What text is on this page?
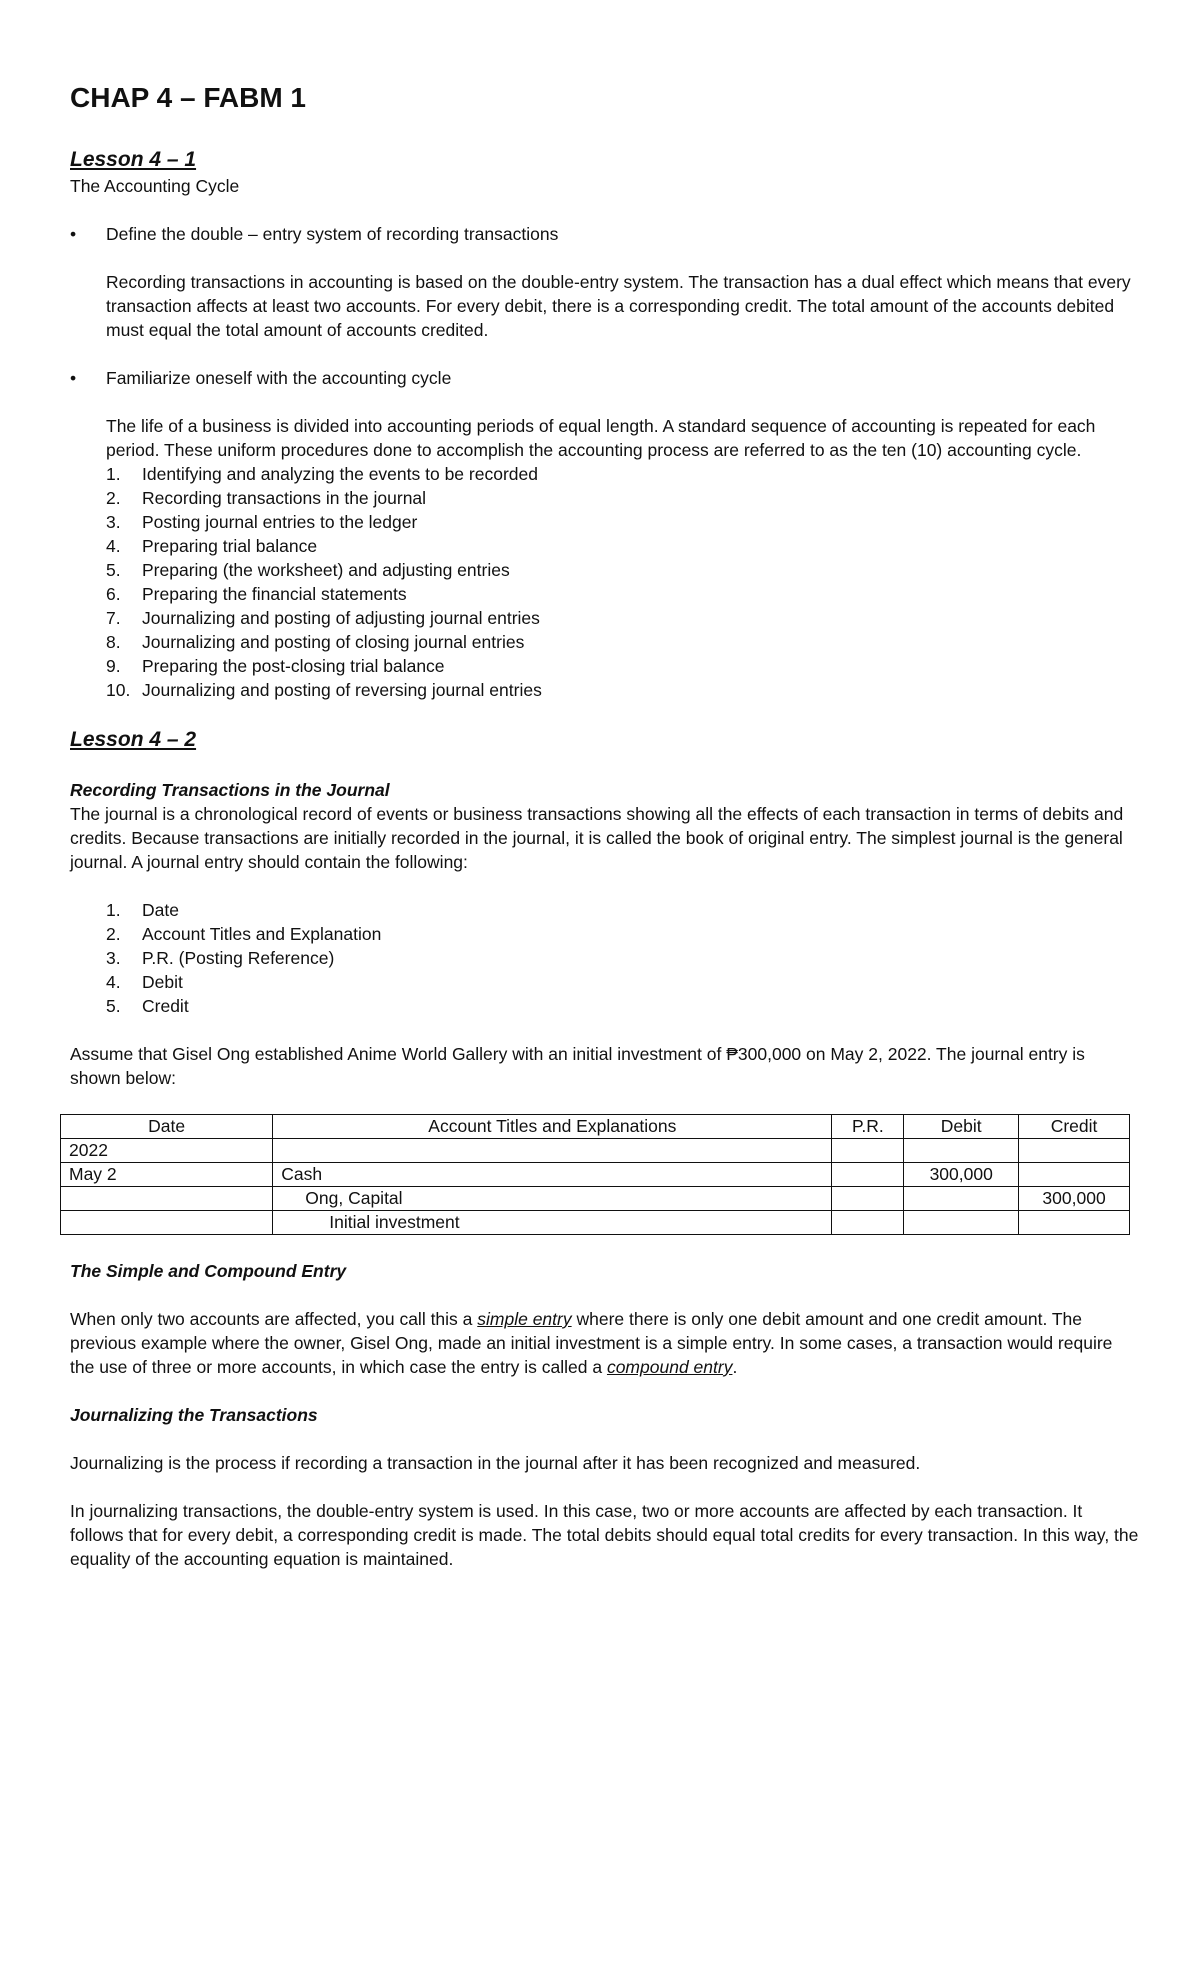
CHAP 4 – FABM 1

Lesson 4 – 1

The Accounting Cycle

•	Define the double – entry system of recording transactions

Recording transactions in accounting is based on the double-entry system. The transaction has a dual effect which means that every transaction affects at least two accounts. For every debit, there is a corresponding credit. The total amount of the accounts debited must equal the total amount of accounts credited.

•	Familiarize oneself with the accounting cycle

The life of a business is divided into accounting periods of equal length. A standard sequence of accounting is repeated for each period. These uniform procedures done to accomplish the accounting process are referred to as the ten (10) accounting cycle.

1.	Identifying and analyzing the events to be recorded
2.	Recording transactions in the journal
3.	Posting journal entries to the ledger
4.	Preparing trial balance
5.	Preparing (the worksheet) and adjusting entries
6.	Preparing the financial statements
7.	Journalizing and posting of adjusting journal entries
8.	Journalizing and posting of closing journal entries
9.	Preparing the post-closing trial balance
10. Journalizing and posting of reversing journal entries

Lesson 4 – 2

Recording Transactions in the Journal

The journal is a chronological record of events or business transactions showing all the effects of each transaction in terms of debits and credits. Because transactions are initially recorded in the journal, it is called the book of original entry. The simplest journal is the general journal. A journal entry should contain the following:

1.	Date
2.	Account Titles and Explanation
3.	P.R. (Posting Reference)
4.	Debit
5.	Credit

Assume that Gisel Ong established Anime World Gallery with an initial investment of ₱300,000 on May 2, 2022. The journal entry is shown below:

Date	Account Titles and Explanations	P.R.	Debit	Credit
2022				
May 2	Cash		300,000	
	Ong, Capital			300,000
	Initial investment			

The Simple and Compound Entry

When only two accounts are affected, you call this a simple entry where there is only one debit amount and one credit amount. The previous example where the owner, Gisel Ong, made an initial investment is a simple entry. In some cases, a transaction would require the use of three or more accounts, in which case the entry is called a compound entry.

Journalizing the Transactions

Journalizing is the process if recording a transaction in the journal after it has been recognized and measured.

In journalizing transactions, the double-entry system is used. In this case, two or more accounts are affected by each transaction. It follows that for every debit, a corresponding credit is made. The total debits should equal total credits for every transaction. In this way, the equality of the accounting equation is maintained.
